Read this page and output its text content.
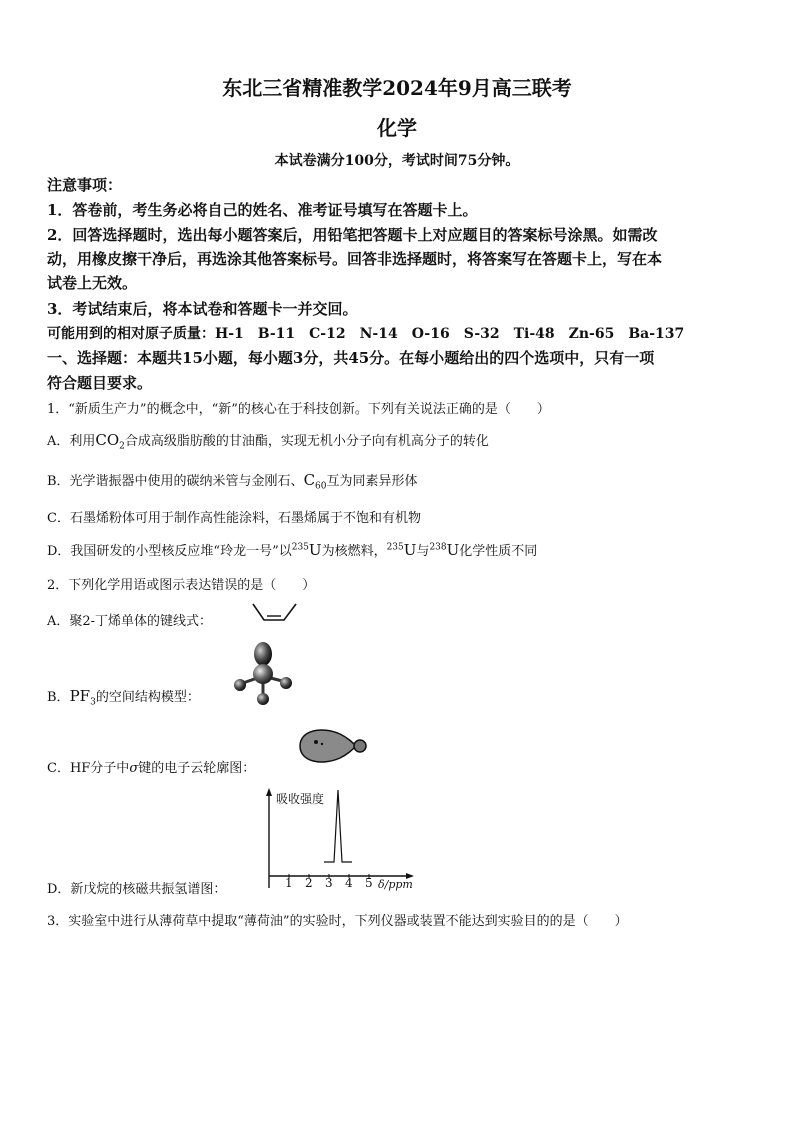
东北三省精准教学2024年9月高三联考
化学
本试卷满分100分，考试时间75分钟。
注意事项：
1．答卷前，考生务必将自己的姓名、准考证号填写在答题卡上。
2．回答选择题时，选出每小题答案后，用铅笔把答题卡上对应题目的答案标号涂黑。如需改
动，用橡皮擦干净后，再选涂其他答案标号。回答非选择题时，将答案写在答题卡上，写在本
试卷上无效。
3．考试结束后，将本试卷和答题卡一并交回。
可能用到的相对原子质量：H-1　B-11　C-12　N-14　O-16　S-32　Ti-48　Zn-65　Ba-137
一、选择题：本题共15小题，每小题3分，共45分。在每小题给出的四个选项中，只有一项
符合题目要求。
1．“新质生产力”的概念中，“新”的核心在于科技创新。下列有关说法正确的是（　　）
A．利用$CO_2$合成高级脂肪酸的甘油酯，实现无机小分子向有机高分子的转化
B．光学谐振器中使用的碳纳米管与金刚石、$C_{60}$互为同素异形体
C．石墨烯粉体可用于制作高性能涂料，石墨烯属于不饱和有机物
D．我国研发的小型核反应堆“玲龙一号”以$^{235}$U为核燃料，$^{235}$U与$^{238}$U化学性质不同
2．下列化学用语或图示表达错误的是（　　）
A．聚2-丁烯单体的键线式：
B．$PF_3$的空间结构模型：
C．HF分子中σ键的电子云轮廓图：
D．新戊烷的核磁共振氢谱图：
吸收强度
1 2 3 4 5 δ/ppm
3．实验室中进行从薄荷草中提取“薄荷油”的实验时，下列仪器或装置不能达到实验目的的是（　　）
